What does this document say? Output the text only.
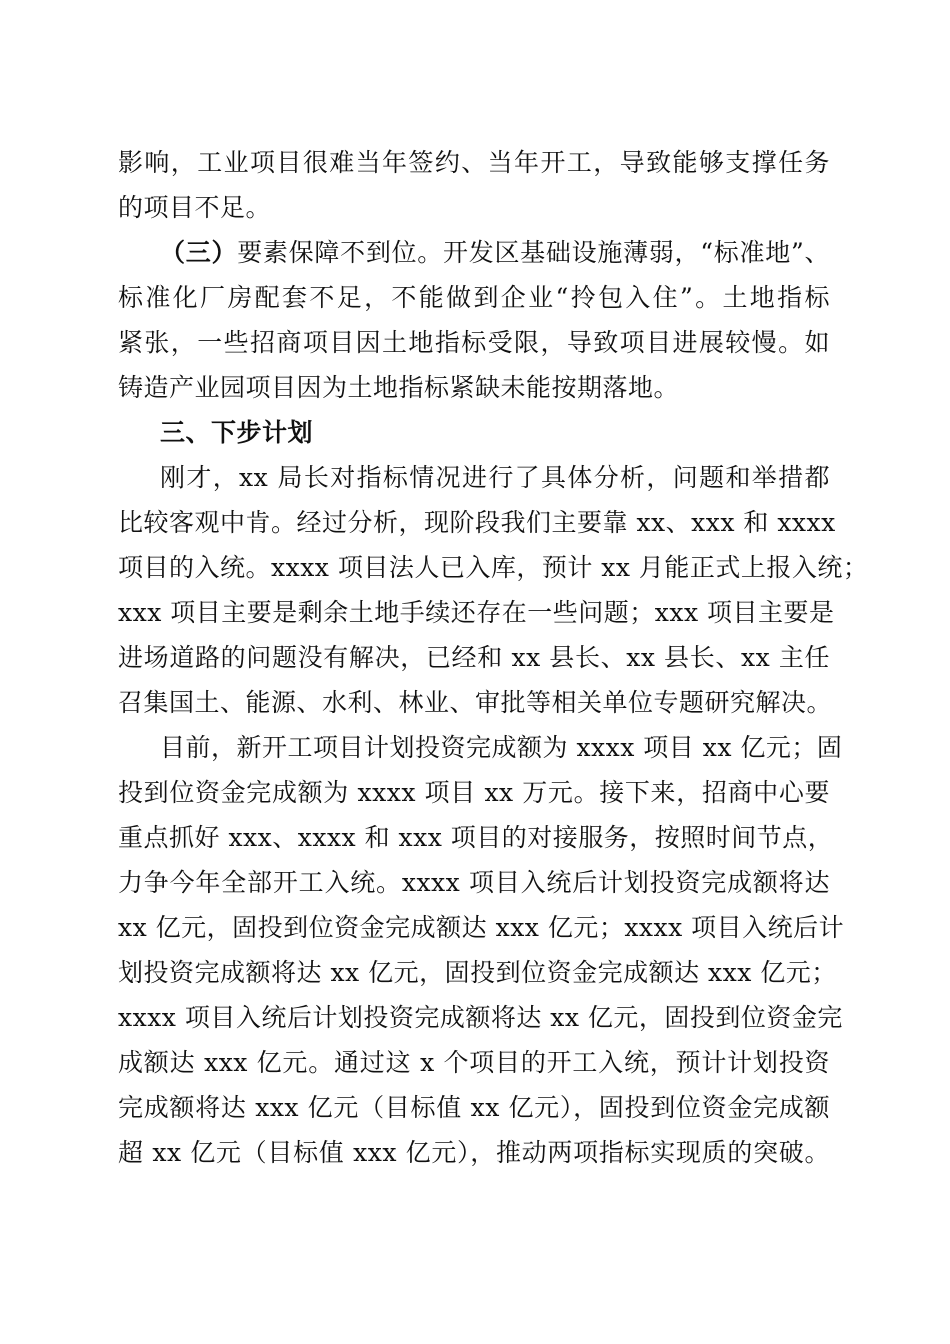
影响，工业项目很难当年签约、当年开工，导致能够支撑任务
的项目不足。
（三）要素保障不到位。开发区基础设施薄弱，“标准地”、
标准化厂房配套不足，不能做到企业“拎包入住”。土地指标
紧张，一些招商项目因土地指标受限，导致项目进展较慢。如
铸造产业园项目因为土地指标紧缺未能按期落地。
三、下步计划
刚才，xx 局长对指标情况进行了具体分析，问题和举措都
比较客观中肯。经过分析，现阶段我们主要靠 xx、xxx 和 xxxx
项目的入统。xxxx 项目法人已入库，预计 xx 月能正式上报入统；
xxx 项目主要是剩余土地手续还存在一些问题；xxx 项目主要是
进场道路的问题没有解决，已经和 xx 县长、xx 县长、xx 主任
召集国土、能源、水利、林业、审批等相关单位专题研究解决。
目前，新开工项目计划投资完成额为 xxxx 项目 xx 亿元；固
投到位资金完成额为 xxxx 项目 xx 万元。接下来，招商中心要
重点抓好 xxx、xxxx 和 xxx 项目的对接服务，按照时间节点，
力争今年全部开工入统。xxxx 项目入统后计划投资完成额将达
xx 亿元，固投到位资金完成额达 xxx 亿元；xxxx 项目入统后计
划投资完成额将达 xx 亿元，固投到位资金完成额达 xxx 亿元；
xxxx 项目入统后计划投资完成额将达 xx 亿元，固投到位资金完
成额达 xxx 亿元。通过这 x 个项目的开工入统，预计计划投资
完成额将达 xxx 亿元（目标值 xx 亿元），固投到位资金完成额
超 xx 亿元（目标值 xxx 亿元），推动两项指标实现质的突破。
